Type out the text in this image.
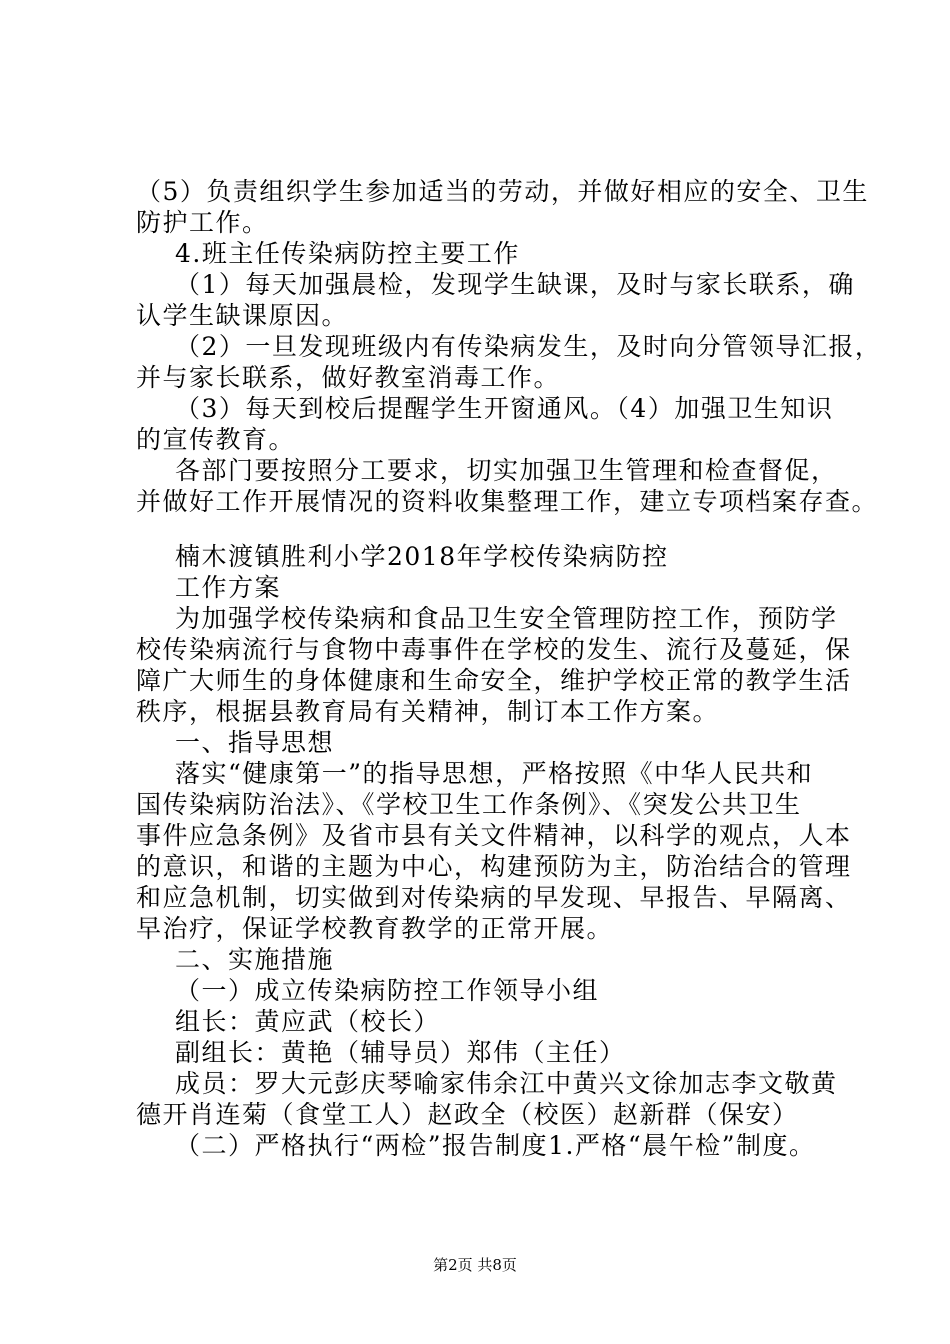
（5）负责组织学生参加适当的劳动，并做好相应的安全、卫生
防护工作。
4.班主任传染病防控主要工作
（1）每天加强晨检，发现学生缺课，及时与家长联系，确
认学生缺课原因。
（2）一旦发现班级内有传染病发生，及时向分管领导汇报，
并与家长联系，做好教室消毒工作。
（3）每天到校后提醒学生开窗通风。（4）加强卫生知识
的宣传教育。
各部门要按照分工要求，切实加强卫生管理和检查督促，
并做好工作开展情况的资料收集整理工作，建立专项档案存查。
楠木渡镇胜利小学2018年学校传染病防控
工作方案
为加强学校传染病和食品卫生安全管理防控工作，预防学
校传染病流行与食物中毒事件在学校的发生、流行及蔓延，保
障广大师生的身体健康和生命安全，维护学校正常的教学生活
秩序，根据县教育局有关精神，制订本工作方案。
一、指导思想
落实“健康第一”的指导思想，严格按照《中华人民共和
国传染病防治法》、《学校卫生工作条例》、《突发公共卫生
事件应急条例》及省市县有关文件精神，以科学的观点，人本
的意识，和谐的主题为中心，构建预防为主，防治结合的管理
和应急机制，切实做到对传染病的早发现、早报告、早隔离、
早治疗，保证学校教育教学的正常开展。
二、实施措施
（一）成立传染病防控工作领导小组
组长：黄应武（校长）
副组长：黄艳（辅导员）郑伟（主任）
成员：罗大元彭庆琴喻家伟余江中黄兴文徐加志李文敬黄
德开肖连菊（食堂工人）赵政全（校医）赵新群（保安）
（二）严格执行“两检”报告制度1.严格“晨午检”制度。
第2页 共8页
